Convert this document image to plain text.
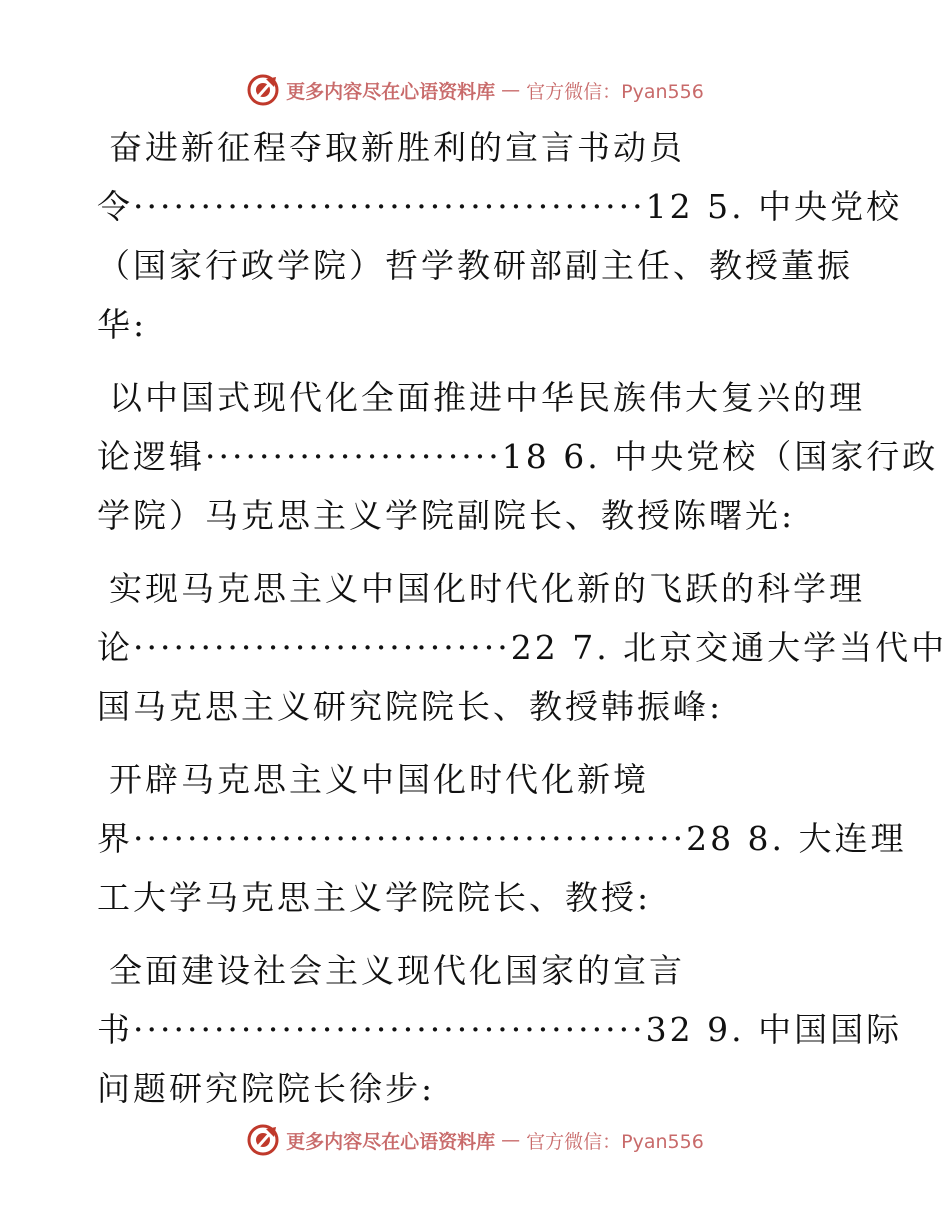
更多内容尽在心语资料库 — 官方微信：Pyan556
奋进新征程夺取新胜利的宣言书动员
令······································12 5. 中央党校
（国家行政学院）哲学教研部副主任、教授董振
华:
以中国式现代化全面推进中华民族伟大复兴的理
论逻辑······················18 6. 中央党校（国家行政
学院）马克思主义学院副院长、教授陈曙光:
实现马克思主义中国化时代化新的飞跃的科学理
论····························22 7. 北京交通大学当代中
国马克思主义研究院院长、教授韩振峰:
开辟马克思主义中国化时代化新境
界·········································28 8. 大连理
工大学马克思主义学院院长、教授:
全面建设社会主义现代化国家的宣言
书······································32 9. 中国国际
问题研究院院长徐步:
更多内容尽在心语资料库 — 官方微信：Pyan556
